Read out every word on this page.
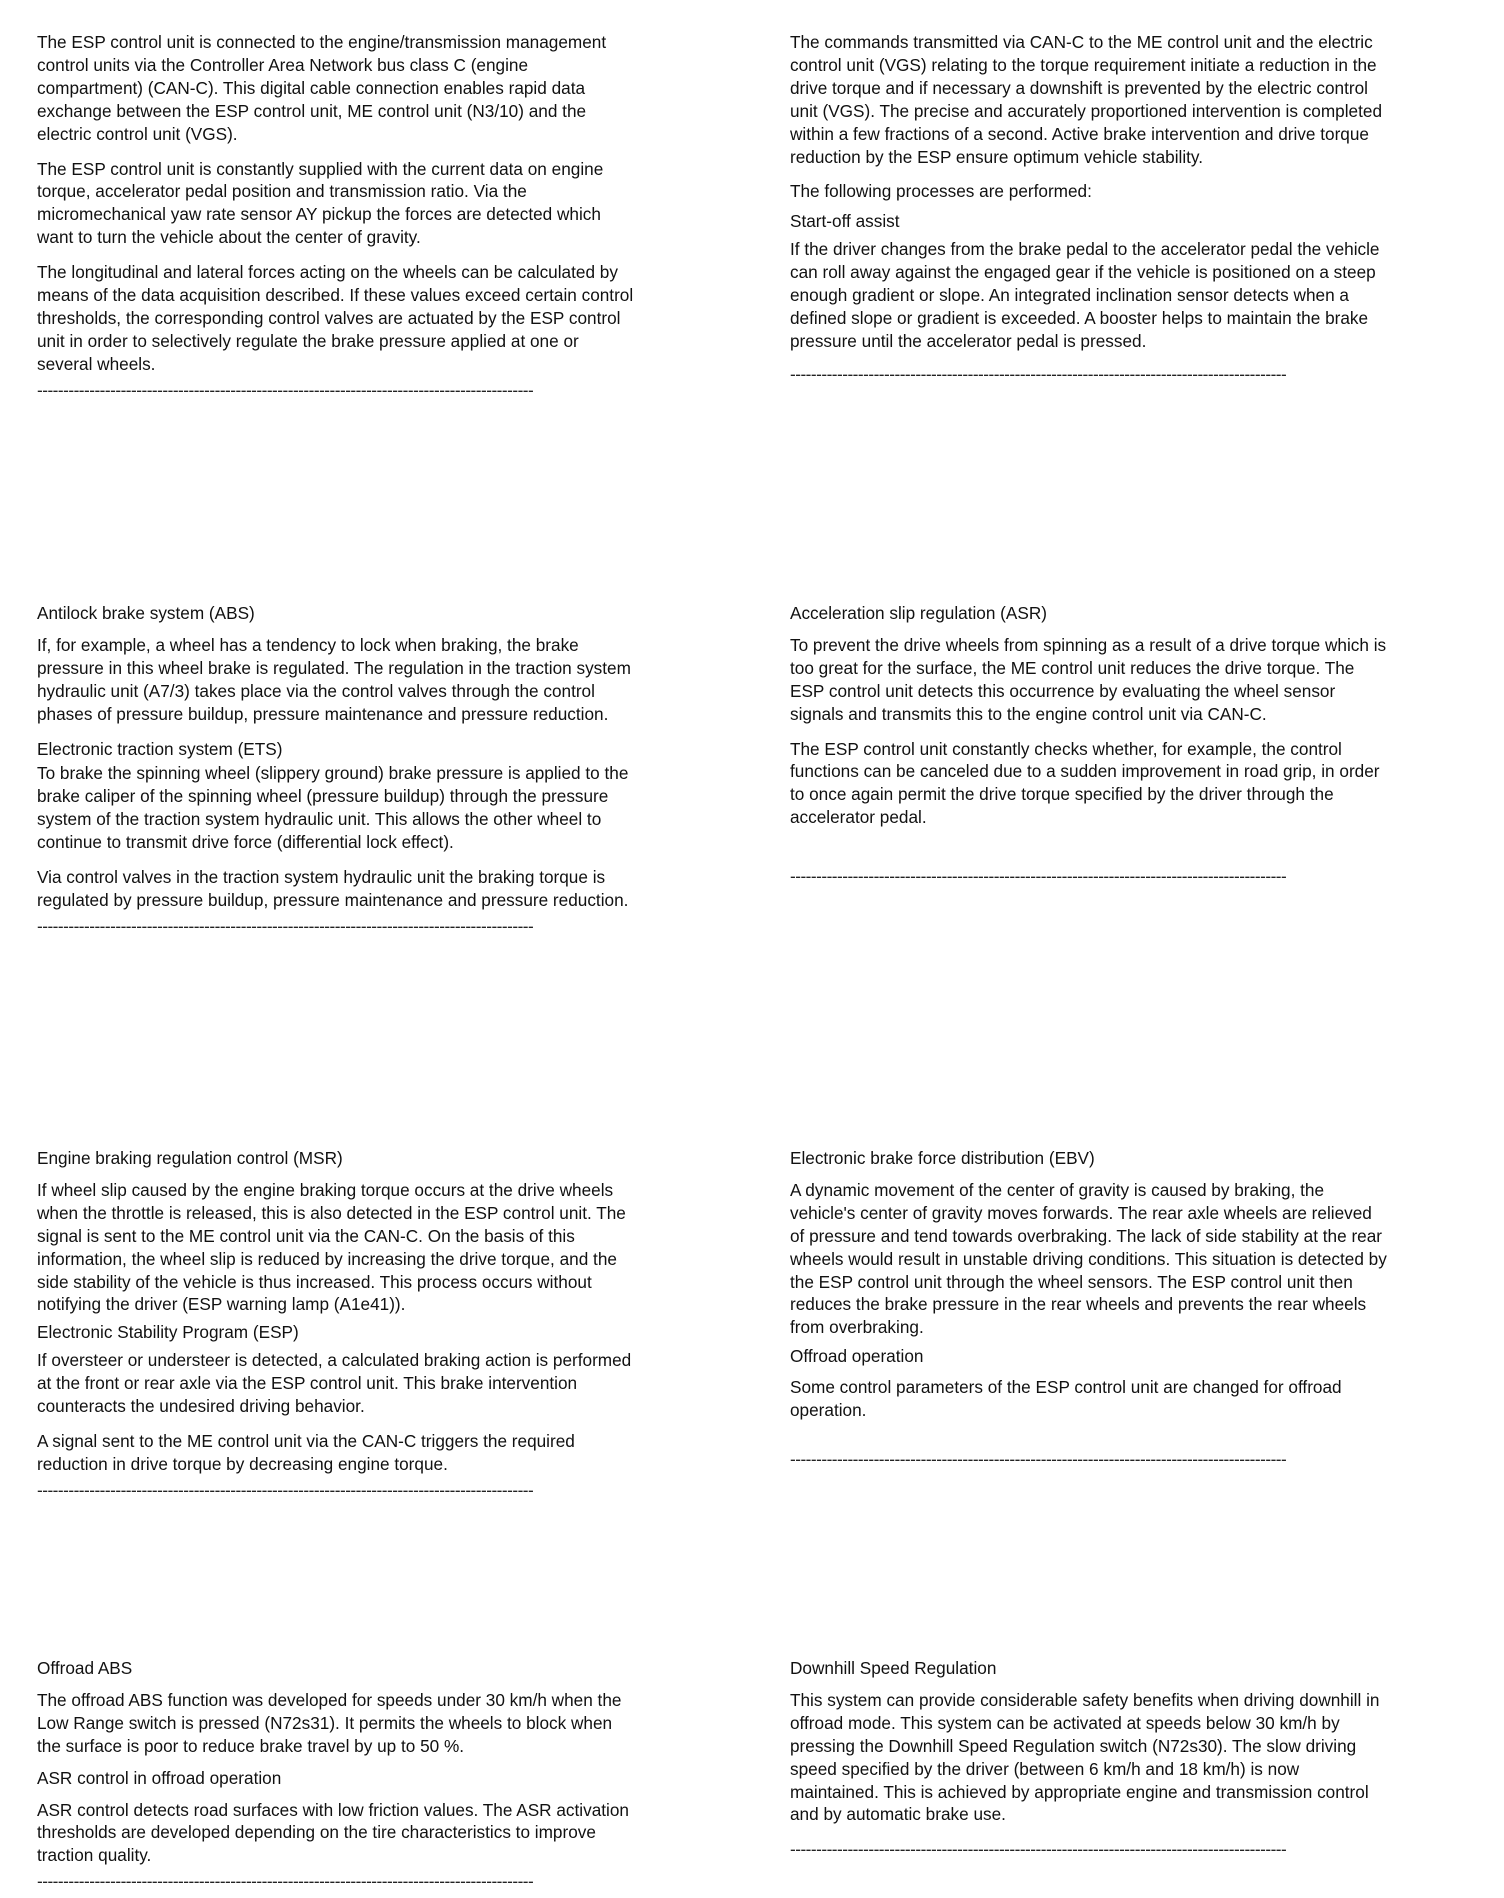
The ESP control unit is connected to the engine/transmission management control units via the Controller Area Network bus class C (engine compartment) (CAN-C). This digital cable connection enables rapid data exchange between the ESP control unit, ME control unit (N3/10) and the electric control unit (VGS).

The ESP control unit is constantly supplied with the current data on engine torque, accelerator pedal position and transmission ratio. Via the micromechanical yaw rate sensor AY pickup the forces are detected which want to turn the vehicle about the center of gravity.

The longitudinal and lateral forces acting on the wheels can be calculated by means of the data acquisition described. If these values exceed certain control thresholds, the corresponding control valves are actuated by the ESP control unit in order to selectively regulate the brake pressure applied at one or several wheels.

-----------------------------------------------------------------------------------------------

The commands transmitted via CAN-C to the ME control unit and the electric control unit (VGS) relating to the torque requirement initiate a reduction in the drive torque and if necessary a downshift is prevented by the electric control unit (VGS). The precise and accurately proportioned intervention is completed within a few fractions of a second. Active brake intervention and drive torque reduction by the ESP ensure optimum vehicle stability.

The following processes are performed:

Start-off assist

If the driver changes from the brake pedal to the accelerator pedal the vehicle can roll away against the engaged gear if the vehicle is positioned on a steep enough gradient or slope. An integrated inclination sensor detects when a defined slope or gradient is exceeded. A booster helps to maintain the brake pressure until the accelerator pedal is pressed.

-----------------------------------------------------------------------------------------------

Antilock brake system (ABS)

If, for example, a wheel has a tendency to lock when braking, the brake pressure in this wheel brake is regulated. The regulation in the traction system hydraulic unit (A7/3) takes place via the control valves through the control phases of pressure buildup, pressure maintenance and pressure reduction.

Electronic traction system (ETS)

To brake the spinning wheel (slippery ground) brake pressure is applied to the brake caliper of the spinning wheel (pressure buildup) through the pressure system of the traction system hydraulic unit. This allows the other wheel to continue to transmit drive force (differential lock effect).

Via control valves in the traction system hydraulic unit the braking torque is regulated by pressure buildup, pressure maintenance and pressure reduction.

-----------------------------------------------------------------------------------------------

Acceleration slip regulation (ASR)

To prevent the drive wheels from spinning as a result of a drive torque which is too great for the surface, the ME control unit reduces the drive torque. The ESP control unit detects this occurrence by evaluating the wheel sensor signals and transmits this to the engine control unit via CAN-C.

The ESP control unit constantly checks whether, for example, the control functions can be canceled due to a sudden improvement in road grip, in order to once again permit the drive torque specified by the driver through the accelerator pedal.

-----------------------------------------------------------------------------------------------

Engine braking regulation control (MSR)

If wheel slip caused by the engine braking torque occurs at the drive wheels when the throttle is released, this is also detected in the ESP control unit. The signal is sent to the ME control unit via the CAN-C. On the basis of this information, the wheel slip is reduced by increasing the drive torque, and the side stability of the vehicle is thus increased. This process occurs without notifying the driver (ESP warning lamp (A1e41)).

Electronic Stability Program (ESP)

If oversteer or understeer is detected, a calculated braking action is performed at the front or rear axle via the ESP control unit. This brake intervention counteracts the undesired driving behavior.

A signal sent to the ME control unit via the CAN-C triggers the required reduction in drive torque by decreasing engine torque.

-----------------------------------------------------------------------------------------------

Electronic brake force distribution (EBV)

A dynamic movement of the center of gravity is caused by braking, the vehicle's center of gravity moves forwards. The rear axle wheels are relieved of pressure and tend towards overbraking. The lack of side stability at the rear wheels would result in unstable driving conditions. This situation is detected by the ESP control unit through the wheel sensors. The ESP control unit then reduces the brake pressure in the rear wheels and prevents the rear wheels from overbraking.

Offroad operation

Some control parameters of the ESP control unit are changed for offroad operation.

-----------------------------------------------------------------------------------------------

Offroad ABS

The offroad ABS function was developed for speeds under 30 km/h when the Low Range switch is pressed (N72s31). It permits the wheels to block when the surface is poor to reduce brake travel by up to 50 %.

ASR control in offroad operation

ASR control detects road surfaces with low friction values. The ASR activation thresholds are developed depending on the tire characteristics to improve traction quality.

-----------------------------------------------------------------------------------------------

Downhill Speed Regulation

This system can provide considerable safety benefits when driving downhill in offroad mode. This system can be activated at speeds below 30 km/h by pressing the Downhill Speed Regulation switch (N72s30). The slow driving speed specified by the driver (between 6 km/h and 18 km/h) is now maintained. This is achieved by appropriate engine and transmission control and by automatic brake use.

-----------------------------------------------------------------------------------------------
